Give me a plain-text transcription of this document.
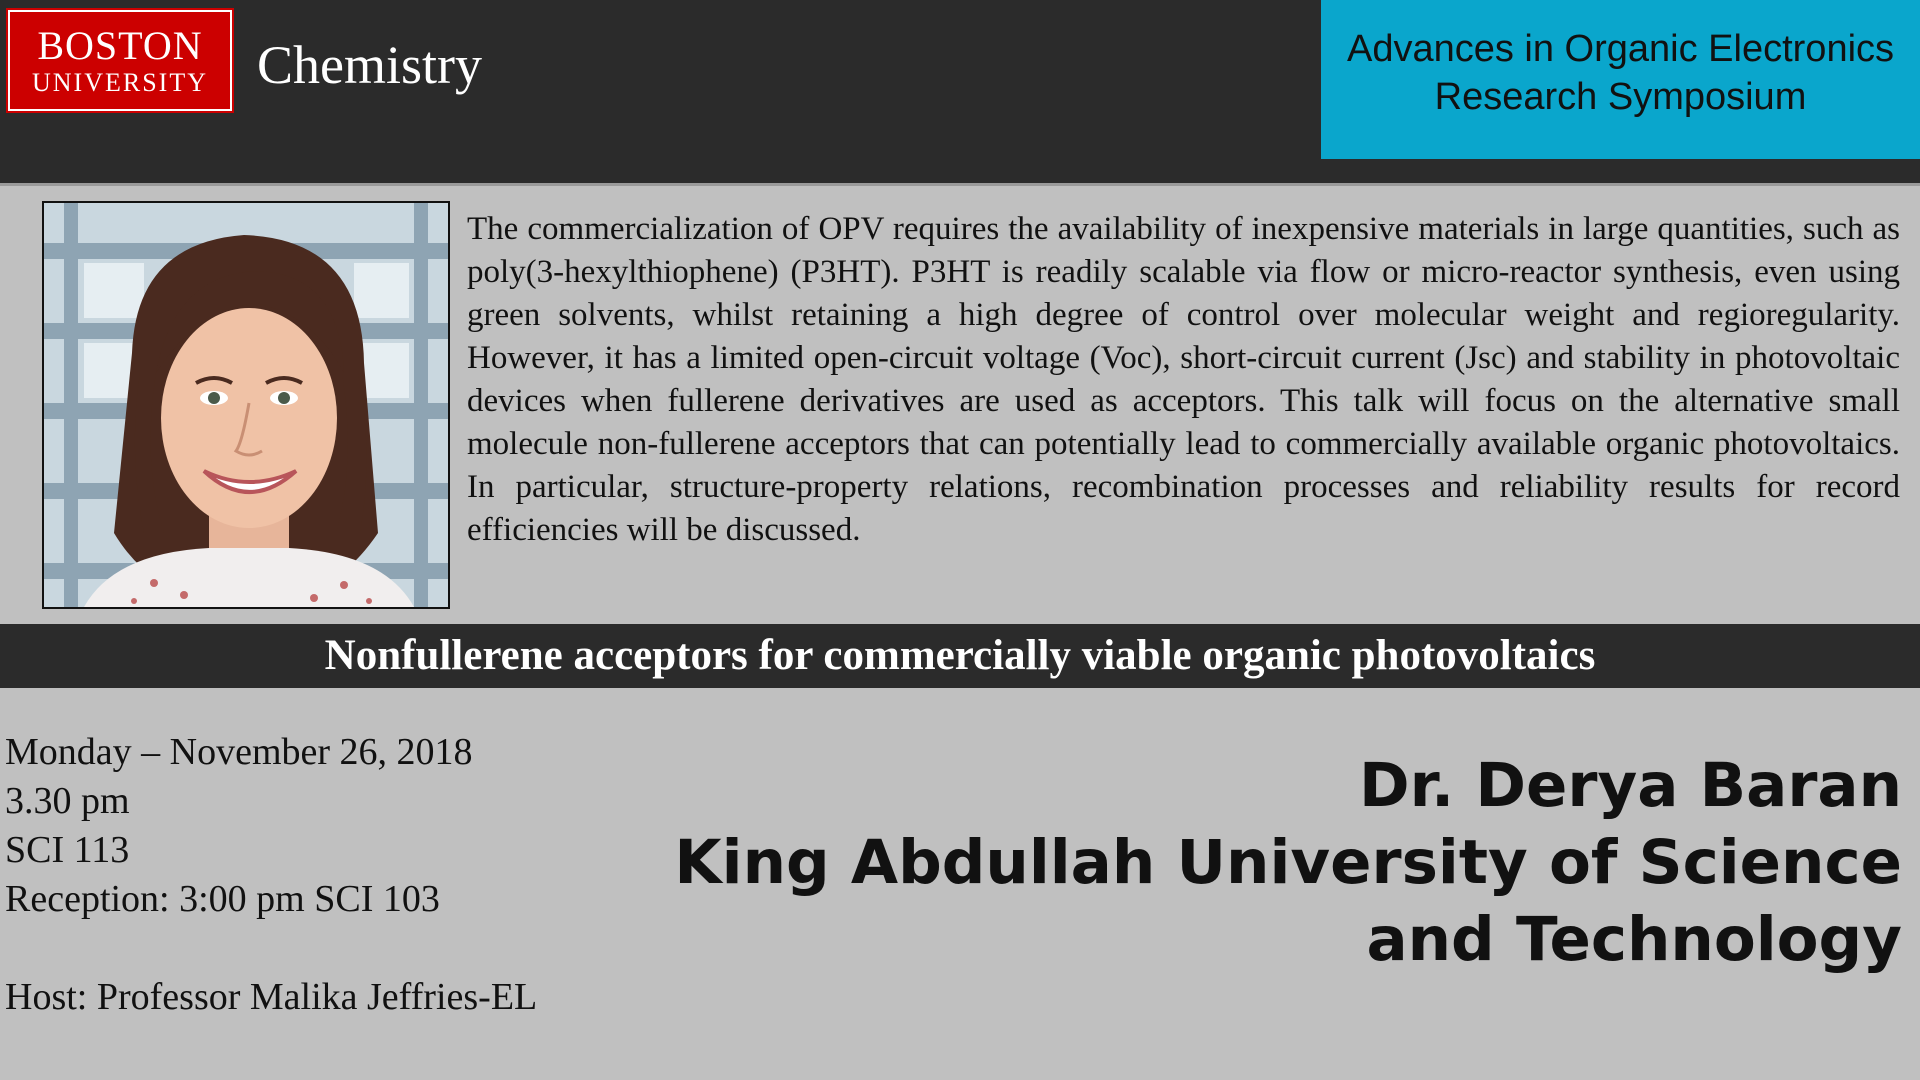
BOSTON
UNIVERSITY Chemistry	Advances in Organic Electronics
Research Symposium

The commercialization of OPV requires the availability of inexpensive materials in large quantities, such as poly(3-hexylthiophene) (P3HT). P3HT is readily scalable via flow or micro-reactor synthesis, even using green solvents, whilst retaining a high degree of control over molecular weight and regioregularity. However, it has a limited open-circuit voltage (Voc), short-circuit current (Jsc) and stability in photovoltaic devices when fullerene derivatives are used as acceptors. This talk will focus on the alternative small molecule non-fullerene acceptors that can potentially lead to commercially available organic photovoltaics. In particular, structure-property relations, recombination processes and reliability results for record efficiencies will be discussed.

Nonfullerene acceptors for commercially viable organic photovoltaics
Monday – November 26, 2018
3.30 pm
SCI 113
Reception: 3:00 pm SCI 103
Host: Professor Malika Jeffries-EL
Dr. Derya Baran
King Abdullah University of Science
and Technology
